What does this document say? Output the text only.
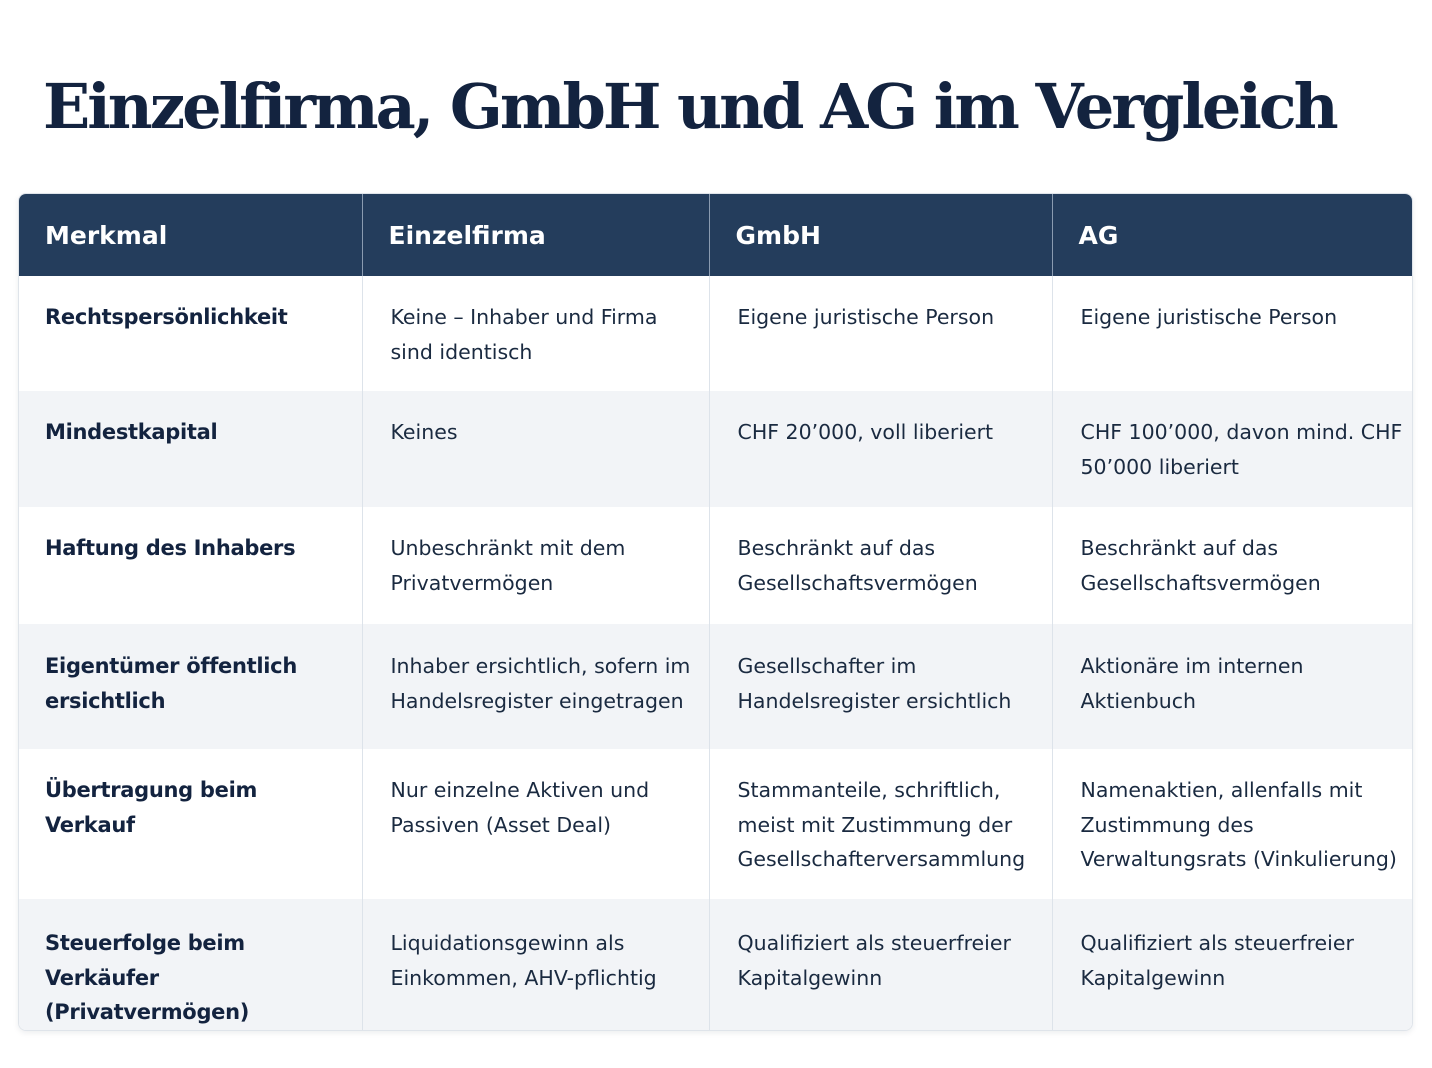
Einzelfirma, GmbH und AG im Vergleich
Merkmal	Einzelfirma	GmbH	AG
Rechtspersönlichkeit	Keine – Inhaber und Firma sind identisch	Eigene juristische Person	Eigene juristische Person
Mindestkapital	Keines	CHF 20’000, voll liberiert	CHF 100’000, davon mind. CHF 50’000 liberiert
Haftung des Inhabers	Unbeschränkt mit dem Privatvermögen	Beschränkt auf das Gesellschaftsvermögen	Beschränkt auf das Gesellschaftsvermögen
Eigentümer öffentlich ersichtlich	Inhaber ersichtlich, sofern im Handelsregister eingetragen	Gesellschafter im Handelsregister ersichtlich	Aktionäre im internen Aktienbuch
Übertragung beim Verkauf	Nur einzelne Aktiven und Passiven (Asset Deal)	Stammanteile, schriftlich, meist mit Zustimmung der Gesellschafterversammlung	Namenaktien, allenfalls mit Zustimmung des Verwaltungsrats (Vinkulierung)
Steuerfolge beim Verkäufer (Privatvermögen)	Liquidationsgewinn als Einkommen, AHV-pflichtig	Qualifiziert als steuerfreier Kapitalgewinn	Qualifiziert als steuerfreier Kapitalgewinn
